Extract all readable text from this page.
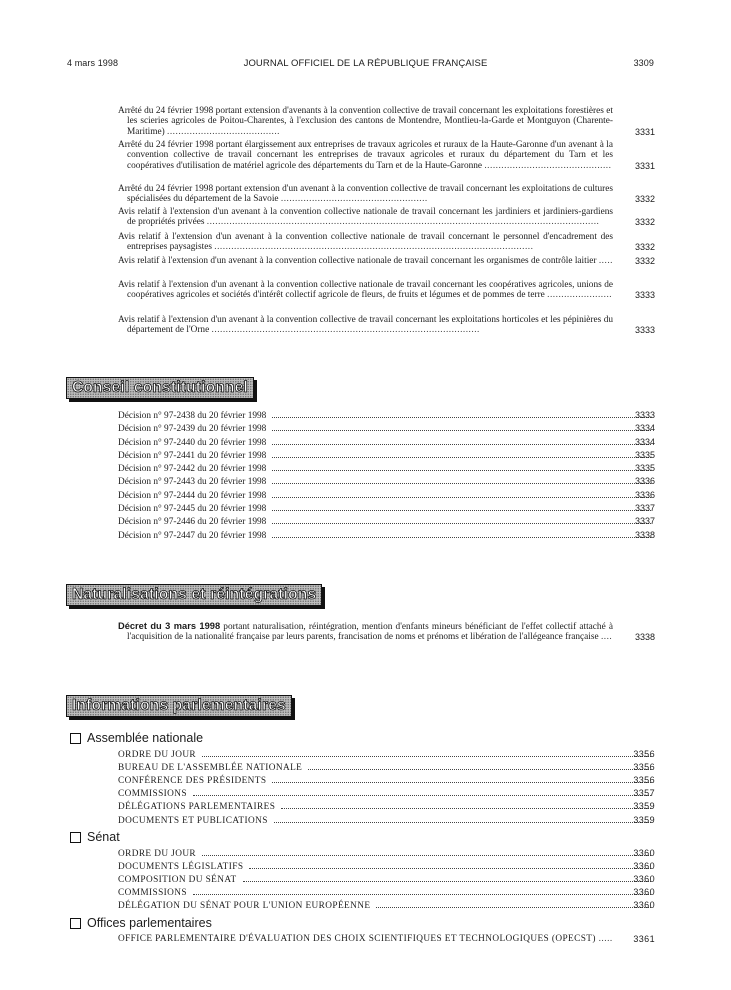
4 mars 1998	JOURNAL OFFICIEL DE LA RÉPUBLIQUE FRANÇAISE	3309
Arrêté du 24 février 1998 portant extension d'avenants à la convention collective de travail concernant les exploitations forestières et les scieries agricoles de Poitou-Charentes, à l'exclusion des cantons de Montendre, Montlieu-la-Garde et Montguyon (Charente-Maritime) ........................................	3331
Arrêté du 24 février 1998 portant élargissement aux entreprises de travaux agricoles et ruraux de la Haute-Garonne d'un avenant à la convention collective de travail concernant les entreprises de travaux agricoles et ruraux du département du Tarn et les coopératives d'utilisation de matériel agricole des départements du Tarn et de la Haute-Garonne .............................................	3331
Arrêté du 24 février 1998 portant extension d'un avenant à la convention collective de travail concernant les exploitations de cultures spécialisées du département de la Savoie ....................................................	3332
Avis relatif à l'extension d'un avenant à la convention collective nationale de travail concernant les jardiniers et jardiniers-gardiens de propriétés privées ...........................................................................................................................................	3332
Avis relatif à l'extension d'un avenant à la convention collective nationale de travail concernant le personnel d'encadrement des entreprises paysagistes .................................................................................................................	3332
Avis relatif à l'extension d'un avenant à la convention collective nationale de travail concernant les organismes de contrôle laitier ..... 3332
Avis relatif à l'extension d'un avenant à la convention collective nationale de travail concernant les coopératives agricoles, unions de coopératives agricoles et sociétés d'intérêt collectif agricole de fleurs, de fruits et légumes et de pommes de terre .......................	3333
Avis relatif à l'extension d'un avenant à la convention collective de travail concernant les exploitations horticoles et les pépinières du département de l'Orne ...............................................................................................	3333
Conseil constitutionnel
Décision n° 97-2438 du 20 février 1998	3333
Décision n° 97-2439 du 20 février 1998	3334
Décision n° 97-2440 du 20 février 1998	3334
Décision n° 97-2441 du 20 février 1998	3335
Décision n° 97-2442 du 20 février 1998	3335
Décision n° 97-2443 du 20 février 1998	3336
Décision n° 97-2444 du 20 février 1998	3336
Décision n° 97-2445 du 20 février 1998	3337
Décision n° 97-2446 du 20 février 1998	3337
Décision n° 97-2447 du 20 février 1998	3338
Naturalisations et réintégrations
Décret du 3 mars 1998 portant naturalisation, réintégration, mention d'enfants mineurs bénéficiant de l'effet collectif attaché à l'acquisition de la nationalité française par leurs parents, francisation de noms et prénoms et libération de l'allégeance française ....	3338
Informations parlementaires
Assemblée nationale
ORDRE DU JOUR	3356
BUREAU DE L'ASSEMBLÉE NATIONALE	3356
CONFÉRENCE DES PRÉSIDENTS	3356
COMMISSIONS	3357
DÉLÉGATIONS PARLEMENTAIRES	3359
DOCUMENTS ET PUBLICATIONS	3359
Sénat
ORDRE DU JOUR	3360
DOCUMENTS LÉGISLATIFS	3360
COMPOSITION DU SÉNAT	3360
COMMISSIONS	3360
DÉLÉGATION DU SÉNAT POUR L'UNION EUROPÉENNE	3360
Offices parlementaires
OFFICE PARLEMENTAIRE D'ÉVALUATION DES CHOIX SCIENTIFIQUES ET TECHNOLOGIQUES (OPECST) ..... 3361
